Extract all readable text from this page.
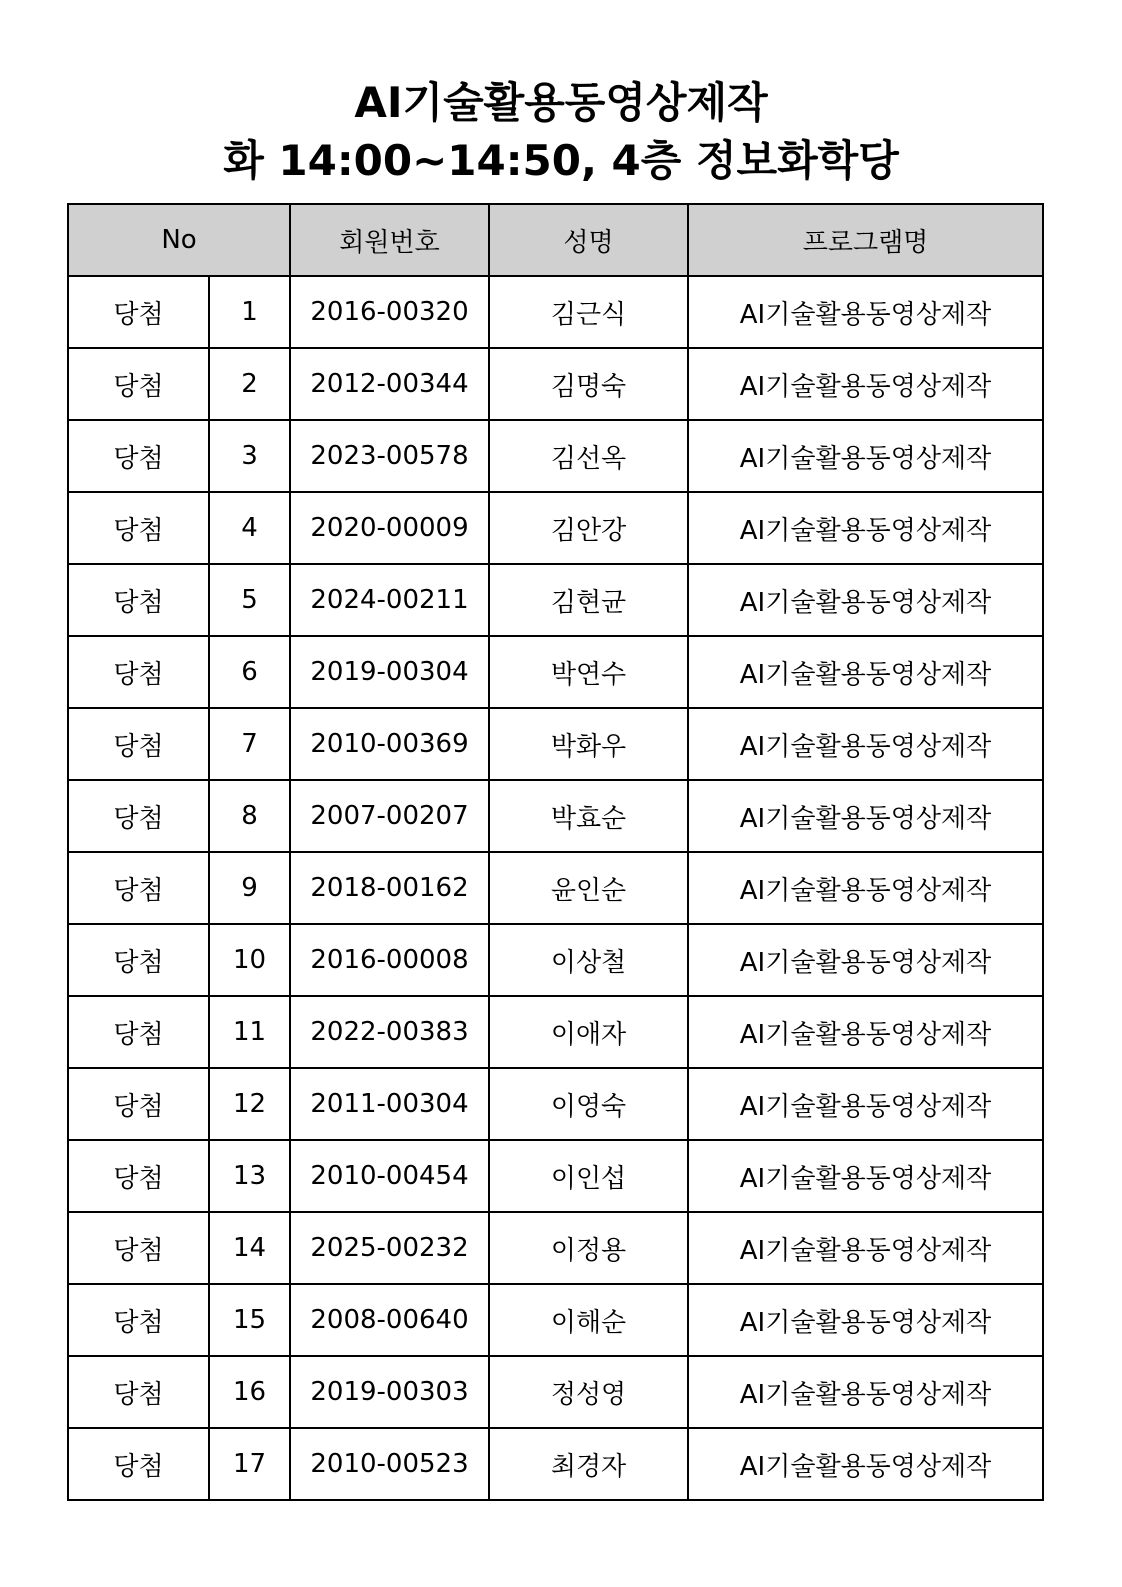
AI기술활용동영상제작
화 14:00~14:50, 4층 정보화학당
No		회원번호	성명	프로그램명
당첨	1	2016-00320	김근식	AI기술활용동영상제작
당첨	2	2012-00344	김명숙	AI기술활용동영상제작
당첨	3	2023-00578	김선옥	AI기술활용동영상제작
당첨	4	2020-00009	김안강	AI기술활용동영상제작
당첨	5	2024-00211	김현균	AI기술활용동영상제작
당첨	6	2019-00304	박연수	AI기술활용동영상제작
당첨	7	2010-00369	박화우	AI기술활용동영상제작
당첨	8	2007-00207	박효순	AI기술활용동영상제작
당첨	9	2018-00162	윤인순	AI기술활용동영상제작
당첨	10	2016-00008	이상철	AI기술활용동영상제작
당첨	11	2022-00383	이애자	AI기술활용동영상제작
당첨	12	2011-00304	이영숙	AI기술활용동영상제작
당첨	13	2010-00454	이인섭	AI기술활용동영상제작
당첨	14	2025-00232	이정용	AI기술활용동영상제작
당첨	15	2008-00640	이해순	AI기술활용동영상제작
당첨	16	2019-00303	정성영	AI기술활용동영상제작
당첨	17	2010-00523	최경자	AI기술활용동영상제작
